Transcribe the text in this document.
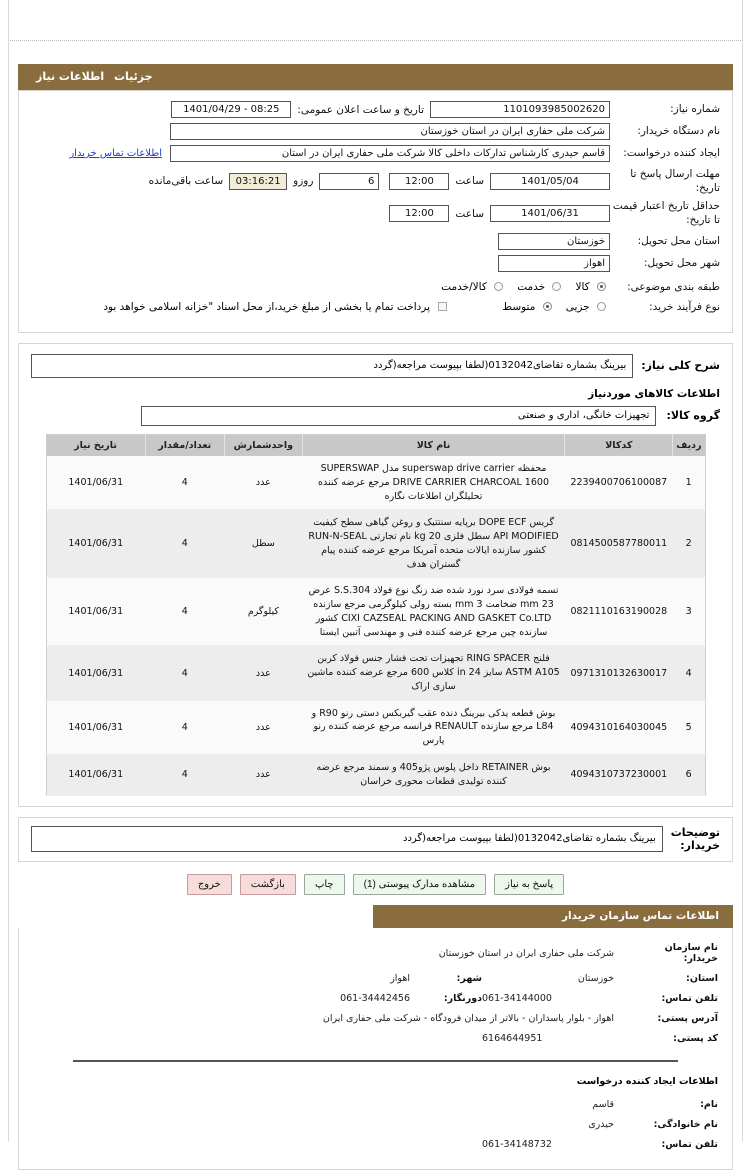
جزئیات اطلاعات نیاز
شماره نیاز:
1101093985002620
تاریخ و ساعت اعلان عمومی:
1401/04/29 - 08:25
نام دستگاه خریدار:
شرکت ملی حفاری ایران در استان خوزستان
ایجاد کننده درخواست:
قاسم حیدری کارشناس تدارکات داخلی کالا شرکت ملی حفاری ایران در استان
اطلاعات تماس خریدار
مهلت ارسال پاسخ تا تاریخ:
1401/05/04
ساعت
12:00
6
روزو
03:16:21
ساعت باقی‌مانده
حداقل تاریخ اعتبار قیمت تا تاریخ:
1401/06/31
ساعت
12:00
استان محل تحویل:
خوزستان
شهر محل تحویل:
اهواز
طبقه بندی موضوعی:
کالا
خدمت
کالا/خدمت
نوع فرآیند خرید:
جزيی
متوسط
پرداخت تمام یا بخشی از مبلغ خرید،از محل اسناد "خزانه اسلامی خواهد بود
شرح کلی نیاز:
بیرینگ بشماره تقاضای0132042(لطفا بپیوست مراجعه(گردد
اطلاعات کالاهای موردنیاز
گروه کالا:
تجهیزات خانگی، اداری و صنعتی
ردیف	کدکالا	نام کالا	واحدشمارش	تعداد/مقدار	تاریخ نیاز
1	2239400706100087	محفظه superswap drive carrier مدل SUPERSWAP DRIVE CARRIER CHARCOAL 1600 مرجع عرضه کننده تحلیلگران اطلاعات نگاره	عدد	4	1401/06/31
2	0814500587780011	گریس DOPE ECF برپایه سنتتیک و روغن گیاهی سطح کیفیت API MODIFIED سطل فلزی 20 kg نام تجارتی RUN-N-SEAL کشور سازنده ایالات متحده آمریکا مرجع عرضه کننده پیام گستران هدف	سطل	4	1401/06/31
3	0821110163190028	تسمه فولادی سرد نورد شده ضد زنگ نوع فولاد S.S.304 عرض 23 mm ضخامت 3 mm بسته رولی کیلوگرمی مرجع سازنده CIXI CAZSEAL PACKING AND GASKET Co.LTD کشور سازنده چین مرجع عرضه کننده فنی و مهندسی آتبین ایستا	کیلوگرم	4	1401/06/31
4	0971310132630017	فلنج RING SPACER تجهیزات تحت فشار جنس فولاد کربن ASTM A105 سایز 24 in کلاس 600 مرجع عرضه کننده ماشین سازی اراک	عدد	4	1401/06/31
5	4094310164030045	بوش قطعه یدکی بیرینگ دنده عقب گیربکس دستی رنو R90 و L84 مرجع سازنده RENAULT فرانسه مرجع عرضه کننده رنو پارس	عدد	4	1401/06/31
6	4094310737230001	بوش RETAINER داخل پلوس پژو405 و سمند مرجع عرضه کننده تولیدی قطعات محوری خراسان	عدد	4	1401/06/31
توضیحات
خریدار:
بیرینگ بشماره تقاضای0132042(لطفا بپیوست مراجعه(گردد
پاسخ به نیاز
مشاهده مدارک پیوستی (1)
چاپ
بازگشت
خروج
اطلاعات تماس سازمان خریدار
نام سازمان خریدار:
شرکت ملی حفاری ایران در استان خوزستان
استان:
خوزستان
شهر:
اهواز
تلفن تماس:
061-34144000
دورنگار:
061-34442456
آدرس پستی:
اهواز - بلوار پاسداران - بالاتر از میدان فرودگاه - شرکت ملی حفاری ایران
کد پستی:
6164644951
اطلاعات ایجاد کننده درخواست
نام:
قاسم
نام خانوادگی:
حیدری
تلفن تماس:
061-34148732
